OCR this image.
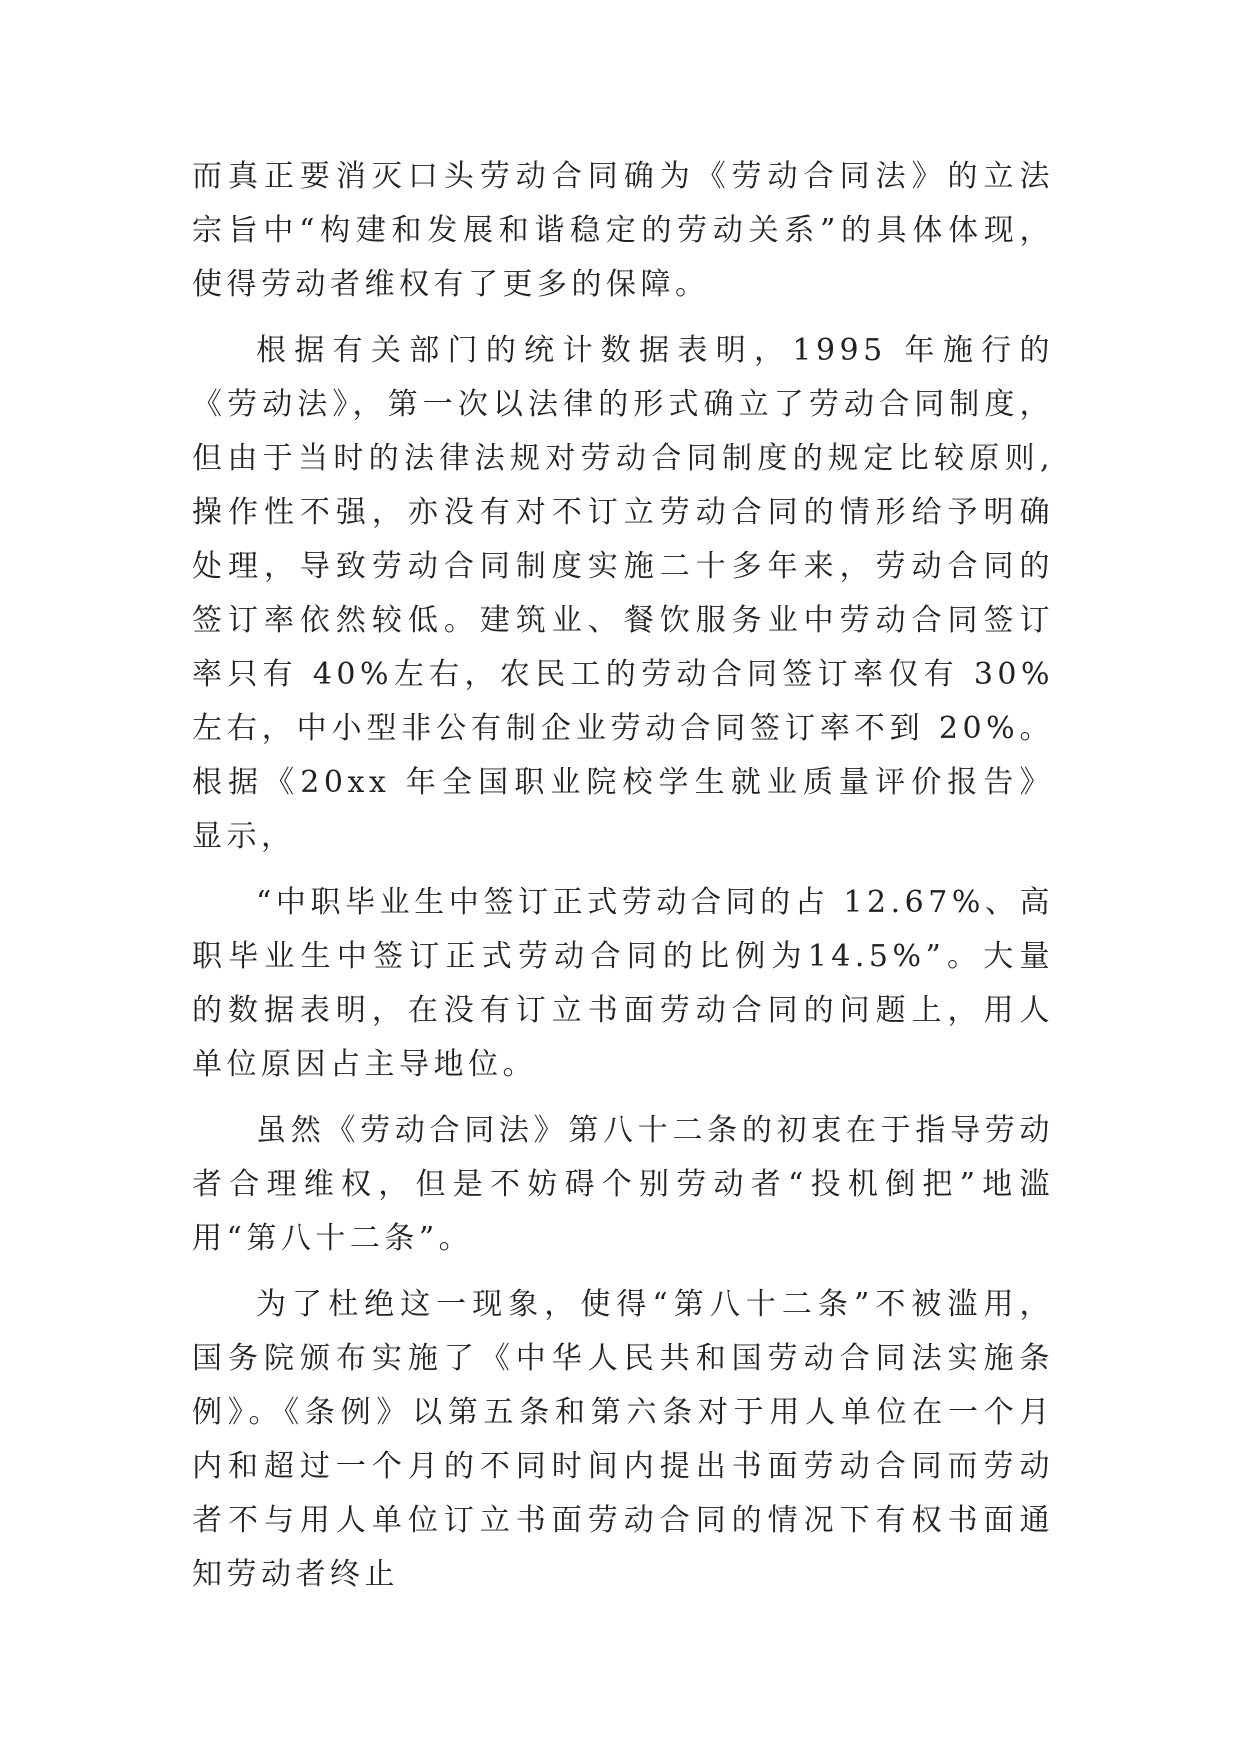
而真正要消灭口头劳动合同确为《劳动合同法》的立法宗旨中“构建和发展和谐稳定的劳动关系”的具体体现，使得劳动者维权有了更多的保障。

根据有关部门的统计数据表明，1995 年施行的《劳动法》，第一次以法律的形式确立了劳动合同制度，但由于当时的法律法规对劳动合同制度的规定比较原则,操作性不强，亦没有对不订立劳动合同的情形给予明确处理，导致劳动合同制度实施二十多年来，劳动合同的签订率依然较低。建筑业、餐饮服务业中劳动合同签订率只有 40%左右，农民工的劳动合同签订率仅有 30%左右，中小型非公有制企业劳动合同签订率不到 20%。根据《20xx 年全国职业院校学生就业质量评价报告》显示，

“中职毕业生中签订正式劳动合同的占 12.67%、高职毕业生中签订正式劳动合同的比例为14.5%”。大量的数据表明，在没有订立书面劳动合同的问题上，用人单位原因占主导地位。

虽然《劳动合同法》第八十二条的初衷在于指导劳动者合理维权，但是不妨碍个别劳动者“投机倒把”地滥用“第八十二条”。

为了杜绝这一现象，使得“第八十二条”不被滥用，国务院颁布实施了《中华人民共和国劳动合同法实施条例》。《条例》以第五条和第六条对于用人单位在一个月内和超过一个月的不同时间内提出书面劳动合同而劳动者不与用人单位订立书面劳动合同的情况下有权书面通知劳动者终止
